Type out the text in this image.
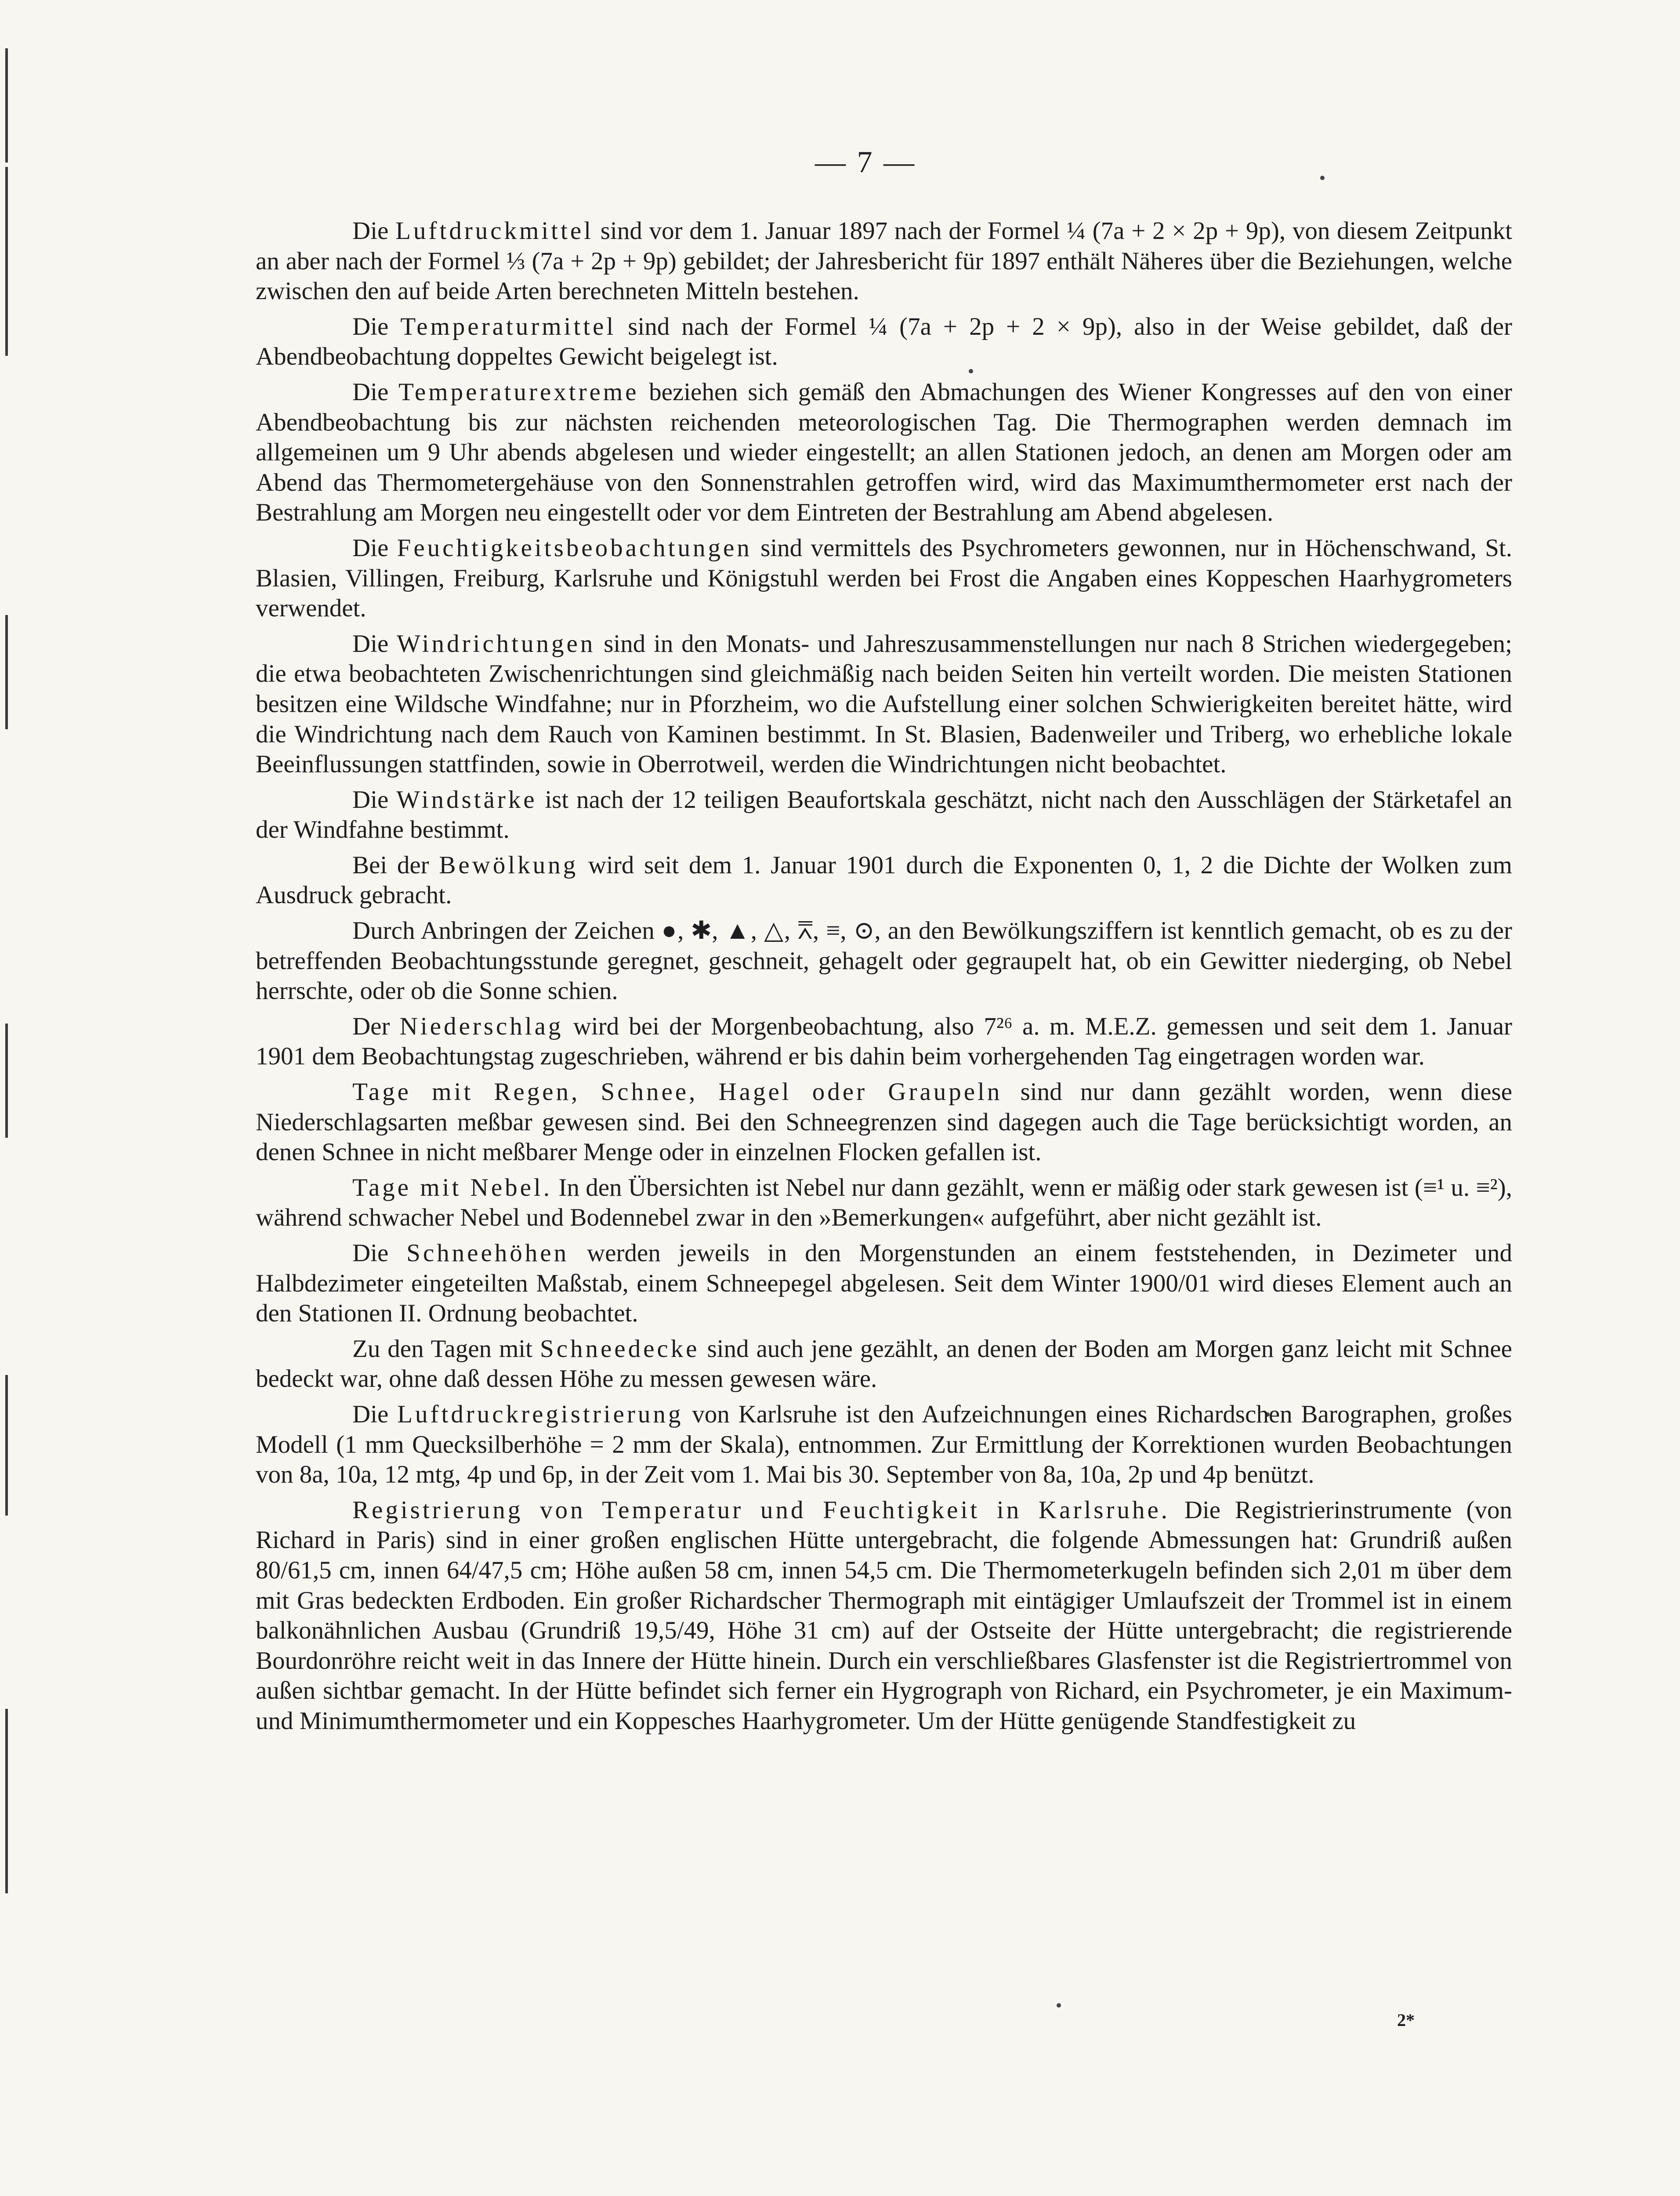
— 7 —

Die Luftdruckmittel sind vor dem 1. Januar 1897 nach der Formel ¼ (7a + 2 × 2p + 9p), von diesem Zeitpunkt an aber nach der Formel ⅓ (7a + 2p + 9p) gebildet; der Jahresbericht für 1897 enthält Näheres über die Beziehungen, welche zwischen den auf beide Arten berechneten Mitteln bestehen.

Die Temperaturmittel sind nach der Formel ¼ (7a + 2p + 2 × 9p), also in der Weise gebildet, daß der Abendbeobachtung doppeltes Gewicht beigelegt ist.

Die Temperaturextreme beziehen sich gemäß den Abmachungen des Wiener Kongresses auf den von einer Abendbeobachtung bis zur nächsten reichenden meteorologischen Tag. Die Thermographen werden demnach im allgemeinen um 9 Uhr abends abgelesen und wieder eingestellt; an allen Stationen jedoch, an denen am Morgen oder am Abend das Thermometergehäuse von den Sonnenstrahlen getroffen wird, wird das Maximumthermometer erst nach der Bestrahlung am Morgen neu eingestellt oder vor dem Eintreten der Bestrahlung am Abend abgelesen.

Die Feuchtigkeitsbeobachtungen sind vermittels des Psychrometers gewonnen, nur in Höchenschwand, St. Blasien, Villingen, Freiburg, Karlsruhe und Königstuhl werden bei Frost die Angaben eines Koppeschen Haarhygrometers verwendet.

Die Windrichtungen sind in den Monats- und Jahreszusammenstellungen nur nach 8 Strichen wiedergegeben; die etwa beobachteten Zwischenrichtungen sind gleichmäßig nach beiden Seiten hin verteilt worden. Die meisten Stationen besitzen eine Wildsche Windfahne; nur in Pforzheim, wo die Aufstellung einer solchen Schwierigkeiten bereitet hätte, wird die Windrichtung nach dem Rauch von Kaminen bestimmt. In St. Blasien, Badenweiler und Triberg, wo erhebliche lokale Beeinflussungen stattfinden, sowie in Oberrotweil, werden die Windrichtungen nicht beobachtet.

Die Windstärke ist nach der 12 teiligen Beaufortskala geschätzt, nicht nach den Ausschlägen der Stärketafel an der Windfahne bestimmt.

Bei der Bewölkung wird seit dem 1. Januar 1901 durch die Exponenten 0, 1, 2 die Dichte der Wolken zum Ausdruck gebracht.

Durch Anbringen der Zeichen ●, ✱, ▲, △, ⩞, ≡, ⊙, an den Bewölkungsziffern ist kenntlich gemacht, ob es zu der betreffenden Beobachtungsstunde geregnet, geschneit, gehagelt oder gegraupelt hat, ob ein Gewitter niederging, ob Nebel herrschte, oder ob die Sonne schien.

Der Niederschlag wird bei der Morgenbeobachtung, also 7²⁶ a. m. M.E.Z. gemessen und seit dem 1. Januar 1901 dem Beobachtungstag zugeschrieben, während er bis dahin beim vorhergehenden Tag eingetragen worden war.

Tage mit Regen, Schnee, Hagel oder Graupeln sind nur dann gezählt worden, wenn diese Niederschlagsarten meßbar gewesen sind. Bei den Schneegrenzen sind dagegen auch die Tage berücksichtigt worden, an denen Schnee in nicht meßbarer Menge oder in einzelnen Flocken gefallen ist.

Tage mit Nebel. In den Übersichten ist Nebel nur dann gezählt, wenn er mäßig oder stark gewesen ist (≡¹ u. ≡²), während schwacher Nebel und Bodennebel zwar in den »Bemerkungen« aufgeführt, aber nicht gezählt ist.

Die Schneehöhen werden jeweils in den Morgenstunden an einem feststehenden, in Dezimeter und Halbdezimeter eingeteilten Maßstab, einem Schneepegel abgelesen. Seit dem Winter 1900/01 wird dieses Element auch an den Stationen II. Ordnung beobachtet.

Zu den Tagen mit Schneedecke sind auch jene gezählt, an denen der Boden am Morgen ganz leicht mit Schnee bedeckt war, ohne daß dessen Höhe zu messen gewesen wäre.

Die Luftdruckregistrierung von Karlsruhe ist den Aufzeichnungen eines Richardschen Barographen, großes Modell (1 mm Quecksilberhöhe = 2 mm der Skala), entnommen. Zur Ermittlung der Korrektionen wurden Beobachtungen von 8a, 10a, 12 mtg, 4p und 6p, in der Zeit vom 1. Mai bis 30. September von 8a, 10a, 2p und 4p benützt.

Registrierung von Temperatur und Feuchtigkeit in Karlsruhe. Die Registrierinstrumente (von Richard in Paris) sind in einer großen englischen Hütte untergebracht, die folgende Abmessungen hat: Grundriß außen 80/61,5 cm, innen 64/47,5 cm; Höhe außen 58 cm, innen 54,5 cm. Die Thermometerkugeln befinden sich 2,01 m über dem mit Gras bedeckten Erdboden. Ein großer Richardscher Thermograph mit eintägiger Umlaufszeit der Trommel ist in einem balkonähnlichen Ausbau (Grundriß 19,5/49, Höhe 31 cm) auf der Ostseite der Hütte untergebracht; die registrierende Bourdonröhre reicht weit in das Innere der Hütte hinein. Durch ein verschließbares Glasfenster ist die Registriertrommel von außen sichtbar gemacht. In der Hütte befindet sich ferner ein Hygrograph von Richard, ein Psychrometer, je ein Maximum- und Minimumthermometer und ein Koppesches Haarhygrometer. Um der Hütte genügende Standfestigkeit zu

2*
